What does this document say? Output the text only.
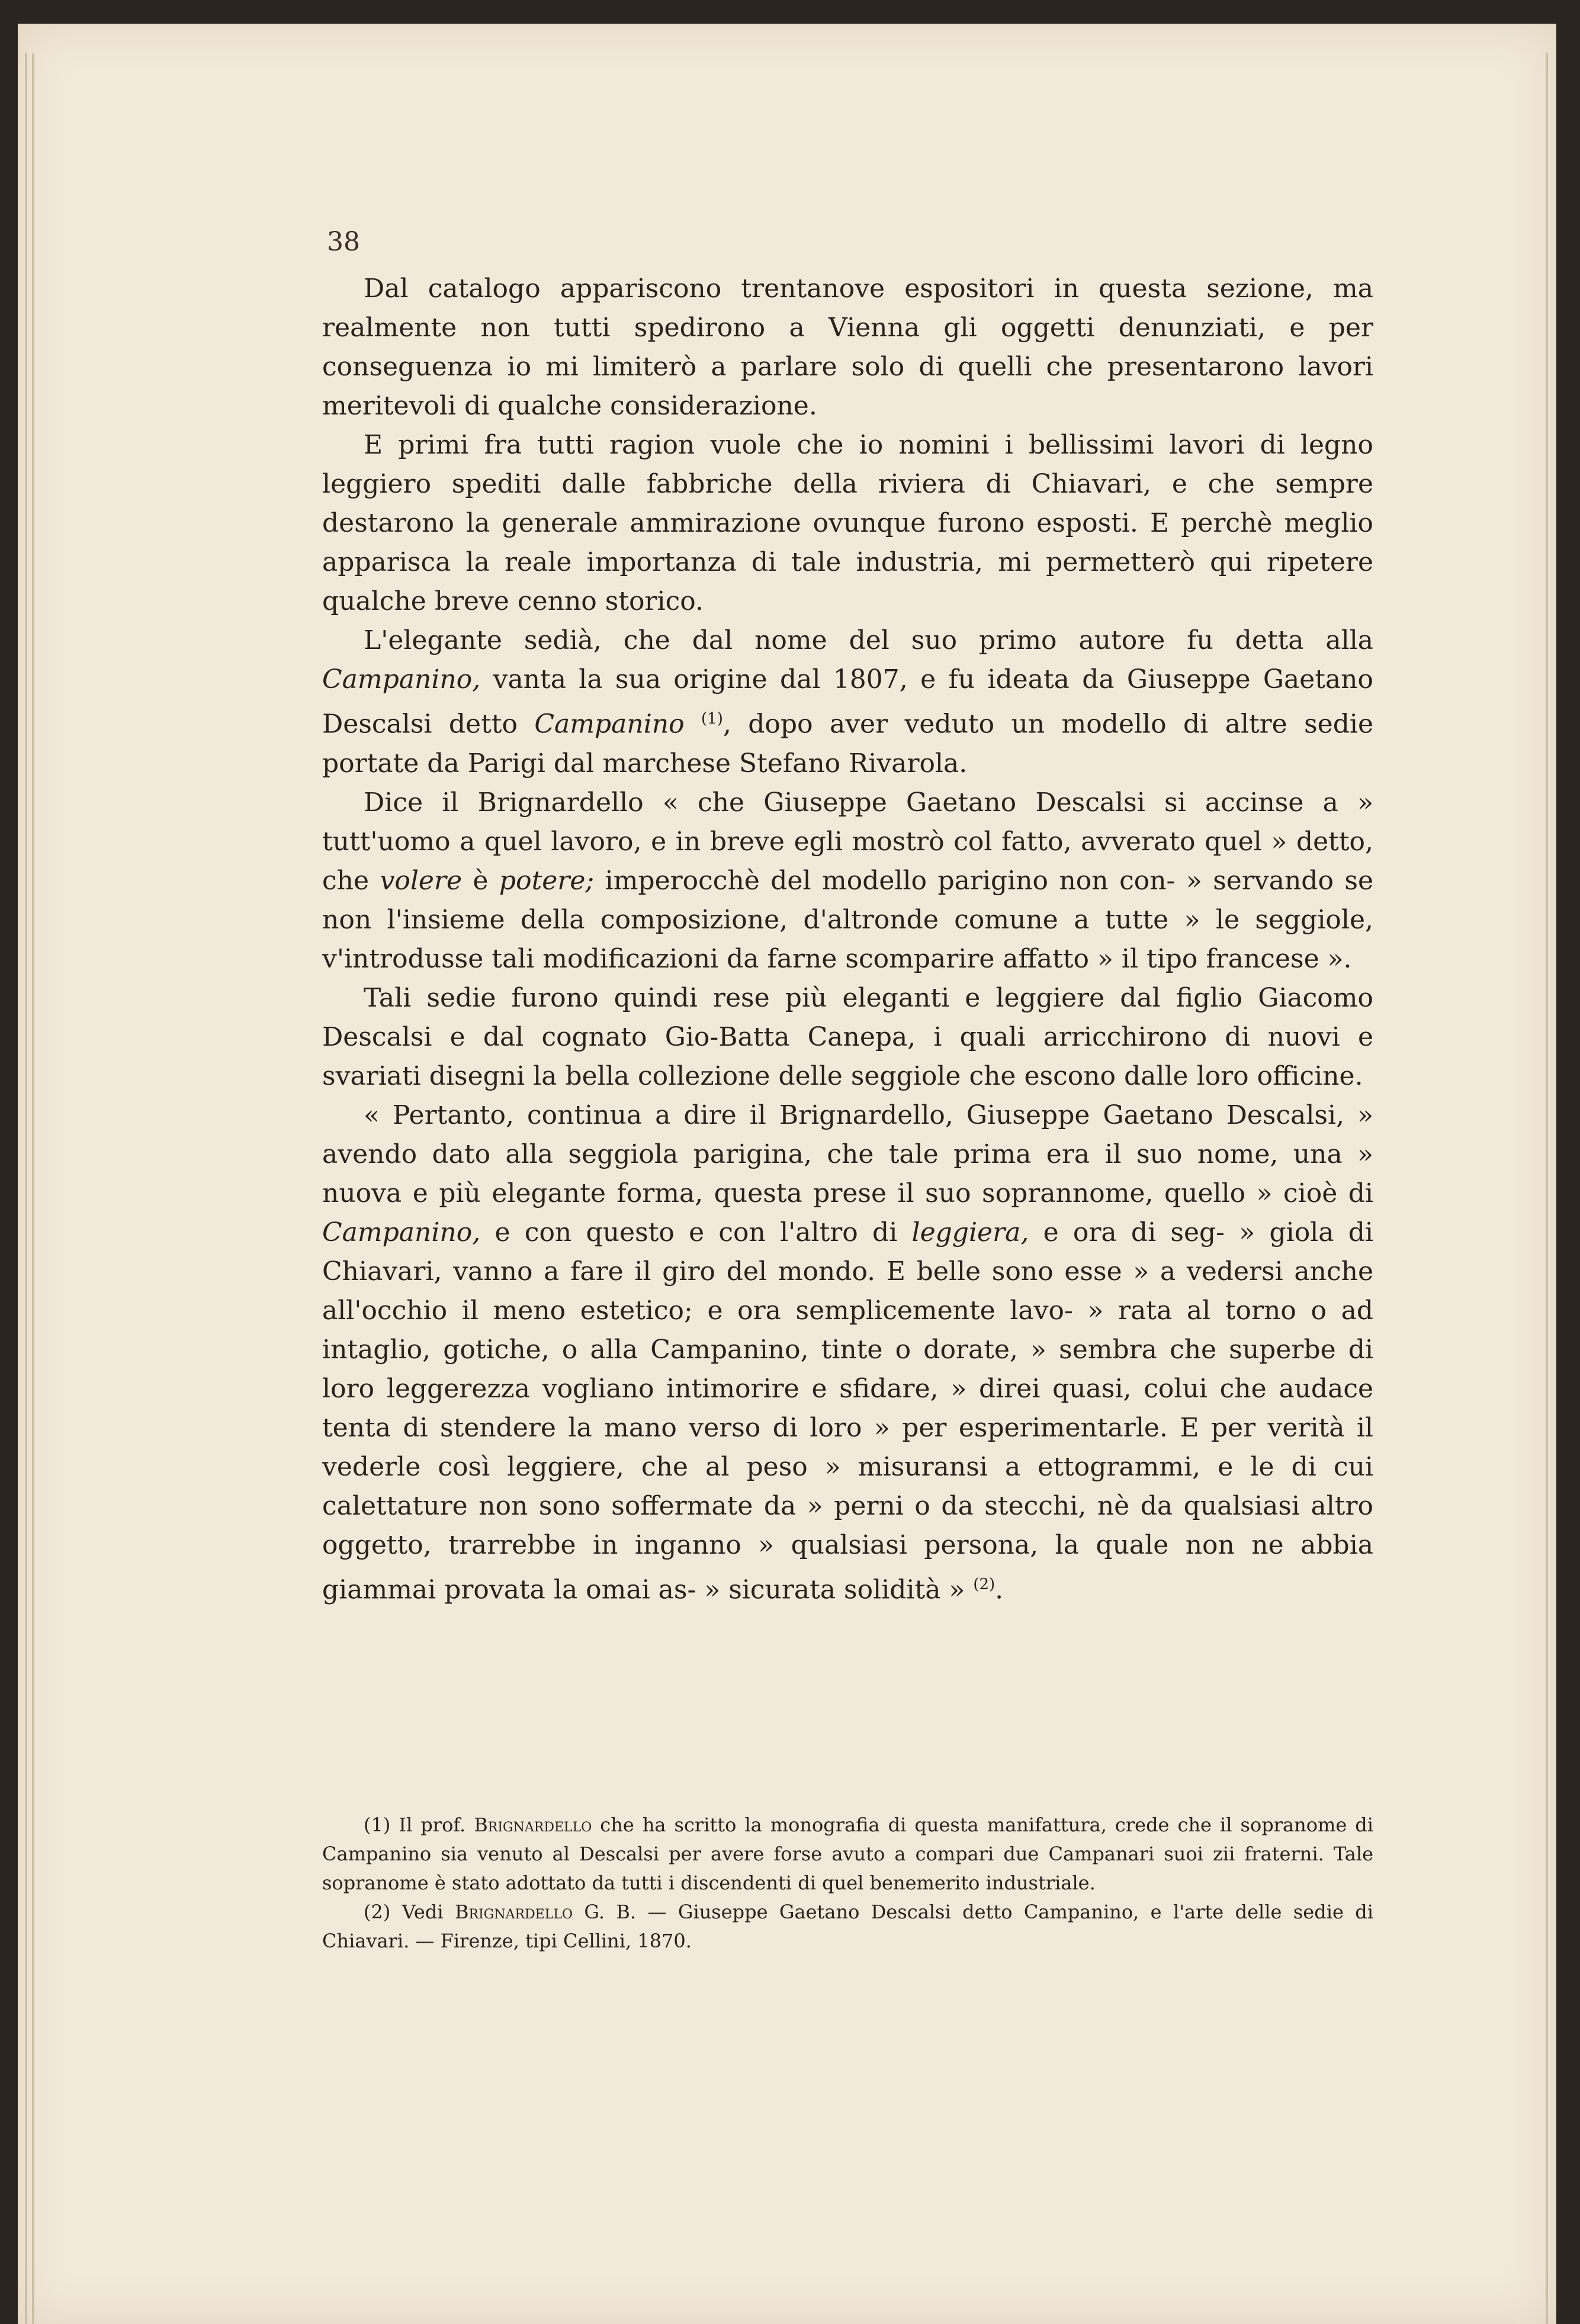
38

Dal catalogo appariscono trentanove espositori in questa sezione, ma realmente non tutti spedirono a Vienna gli oggetti denunziati, e per conseguenza io mi limiterò a parlare solo di quelli che presentarono lavori meritevoli di qualche considerazione.

E primi fra tutti ragion vuole che io nomini i bellissimi lavori di legno leggiero spediti dalle fabbriche della riviera di Chiavari, e che sempre destarono la generale ammirazione ovunque furono esposti. E perchè meglio apparisca la reale importanza di tale industria, mi permetterò qui ripetere qualche breve cenno storico.

L'elegante sedià, che dal nome del suo primo autore fu detta alla Campanino, vanta la sua origine dal 1807, e fu ideata da Giuseppe Gaetano Descalsi detto Campanino $^{(1)}$, dopo aver veduto un modello di altre sedie portate da Parigi dal marchese Stefano Rivarola.

Dice il Brignardello « che Giuseppe Gaetano Descalsi si accinse a » tutt'uomo a quel lavoro, e in breve egli mostrò col fatto, avverato quel » detto, che volere è potere; imperocchè del modello parigino non con- » servando se non l'insieme della composizione, d'altronde comune a tutte » le seggiole, v'introdusse tali modificazioni da farne scomparire affatto » il tipo francese ».

Tali sedie furono quindi rese più eleganti e leggiere dal figlio Giacomo Descalsi e dal cognato Gio-Batta Canepa, i quali arricchirono di nuovi e svariati disegni la bella collezione delle seggiole che escono dalle loro officine.

« Pertanto, continua a dire il Brignardello, Giuseppe Gaetano Descalsi, » avendo dato alla seggiola parigina, che tale prima era il suo nome, una » nuova e più elegante forma, questa prese il suo soprannome, quello » cioè di Campanino, e con questo e con l'altro di leggiera, e ora di seg- » giola di Chiavari, vanno a fare il giro del mondo. E belle sono esse » a vedersi anche all'occhio il meno estetico; e ora semplicemente lavo- » rata al torno o ad intaglio, gotiche, o alla Campanino, tinte o dorate, » sembra che superbe di loro leggerezza vogliano intimorire e sfidare, » direi quasi, colui che audace tenta di stendere la mano verso di loro » per esperimentarle. E per verità il vederle così leggiere, che al peso » misuransi a ettogrammi, e le di cui calettature non sono soffermate da » perni o da stecchi, nè da qualsiasi altro oggetto, trarrebbe in inganno » qualsiasi persona, la quale non ne abbia giammai provata la omai as- » sicurata solidità » $^{(2)}$.

(1) Il prof. Brignardello che ha scritto la monografia di questa manifattura, crede che il sopranome di Campanino sia venuto al Descalsi per avere forse avuto a compari due Campanari suoi zii fraterni. Tale sopranome è stato adottato da tutti i discendenti di quel benemerito industriale.

(2) Vedi Brignardello G. B. — Giuseppe Gaetano Descalsi detto Campanino, e l'arte delle sedie di Chiavari. — Firenze, tipi Cellini, 1870.
